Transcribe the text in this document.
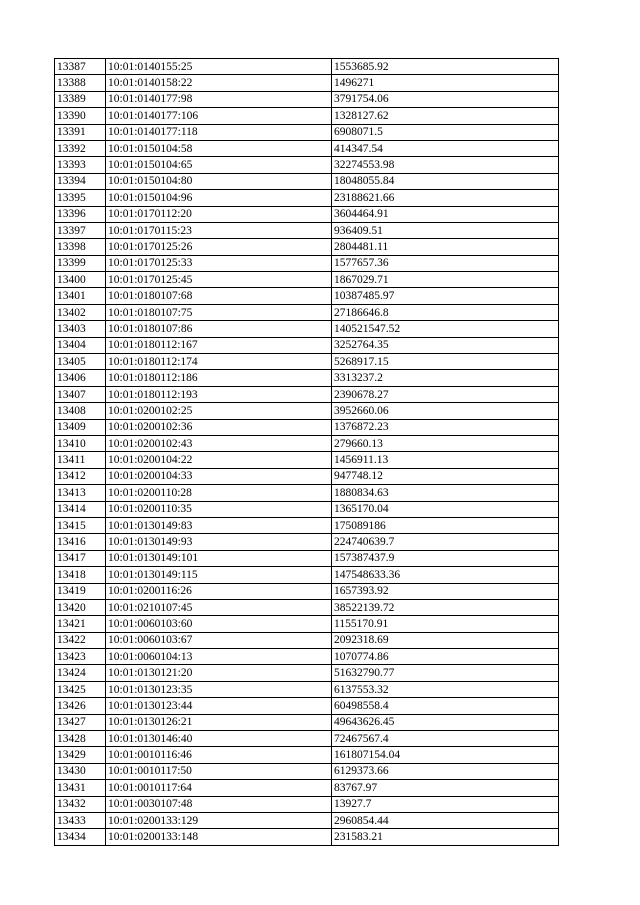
13387	10:01:0140155:25	1553685.92
13388	10:01:0140158:22	1496271
13389	10:01:0140177:98	3791754.06
13390	10:01:0140177:106	1328127.62
13391	10:01:0140177:118	6908071.5
13392	10:01:0150104:58	414347.54
13393	10:01:0150104:65	32274553.98
13394	10:01:0150104:80	18048055.84
13395	10:01:0150104:96	23188621.66
13396	10:01:0170112:20	3604464.91
13397	10:01:0170115:23	936409.51
13398	10:01:0170125:26	2804481.11
13399	10:01:0170125:33	1577657.36
13400	10:01:0170125:45	1867029.71
13401	10:01:0180107:68	10387485.97
13402	10:01:0180107:75	27186646.8
13403	10:01:0180107:86	140521547.52
13404	10:01:0180112:167	3252764.35
13405	10:01:0180112:174	5268917.15
13406	10:01:0180112:186	3313237.2
13407	10:01:0180112:193	2390678.27
13408	10:01:0200102:25	3952660.06
13409	10:01:0200102:36	1376872.23
13410	10:01:0200102:43	279660.13
13411	10:01:0200104:22	1456911.13
13412	10:01:0200104:33	947748.12
13413	10:01:0200110:28	1880834.63
13414	10:01:0200110:35	1365170.04
13415	10:01:0130149:83	175089186
13416	10:01:0130149:93	224740639.7
13417	10:01:0130149:101	157387437.9
13418	10:01:0130149:115	147548633.36
13419	10:01:0200116:26	1657393.92
13420	10:01:0210107:45	38522139.72
13421	10:01:0060103:60	1155170.91
13422	10:01:0060103:67	2092318.69
13423	10:01:0060104:13	1070774.86
13424	10:01:0130121:20	51632790.77
13425	10:01:0130123:35	6137553.32
13426	10:01:0130123:44	60498558.4
13427	10:01:0130126:21	49643626.45
13428	10:01:0130146:40	72467567.4
13429	10:01:0010116:46	161807154.04
13430	10:01:0010117:50	6129373.66
13431	10:01:0010117:64	83767.97
13432	10:01:0030107:48	13927.7
13433	10:01:0200133:129	2960854.44
13434	10:01:0200133:148	231583.21
